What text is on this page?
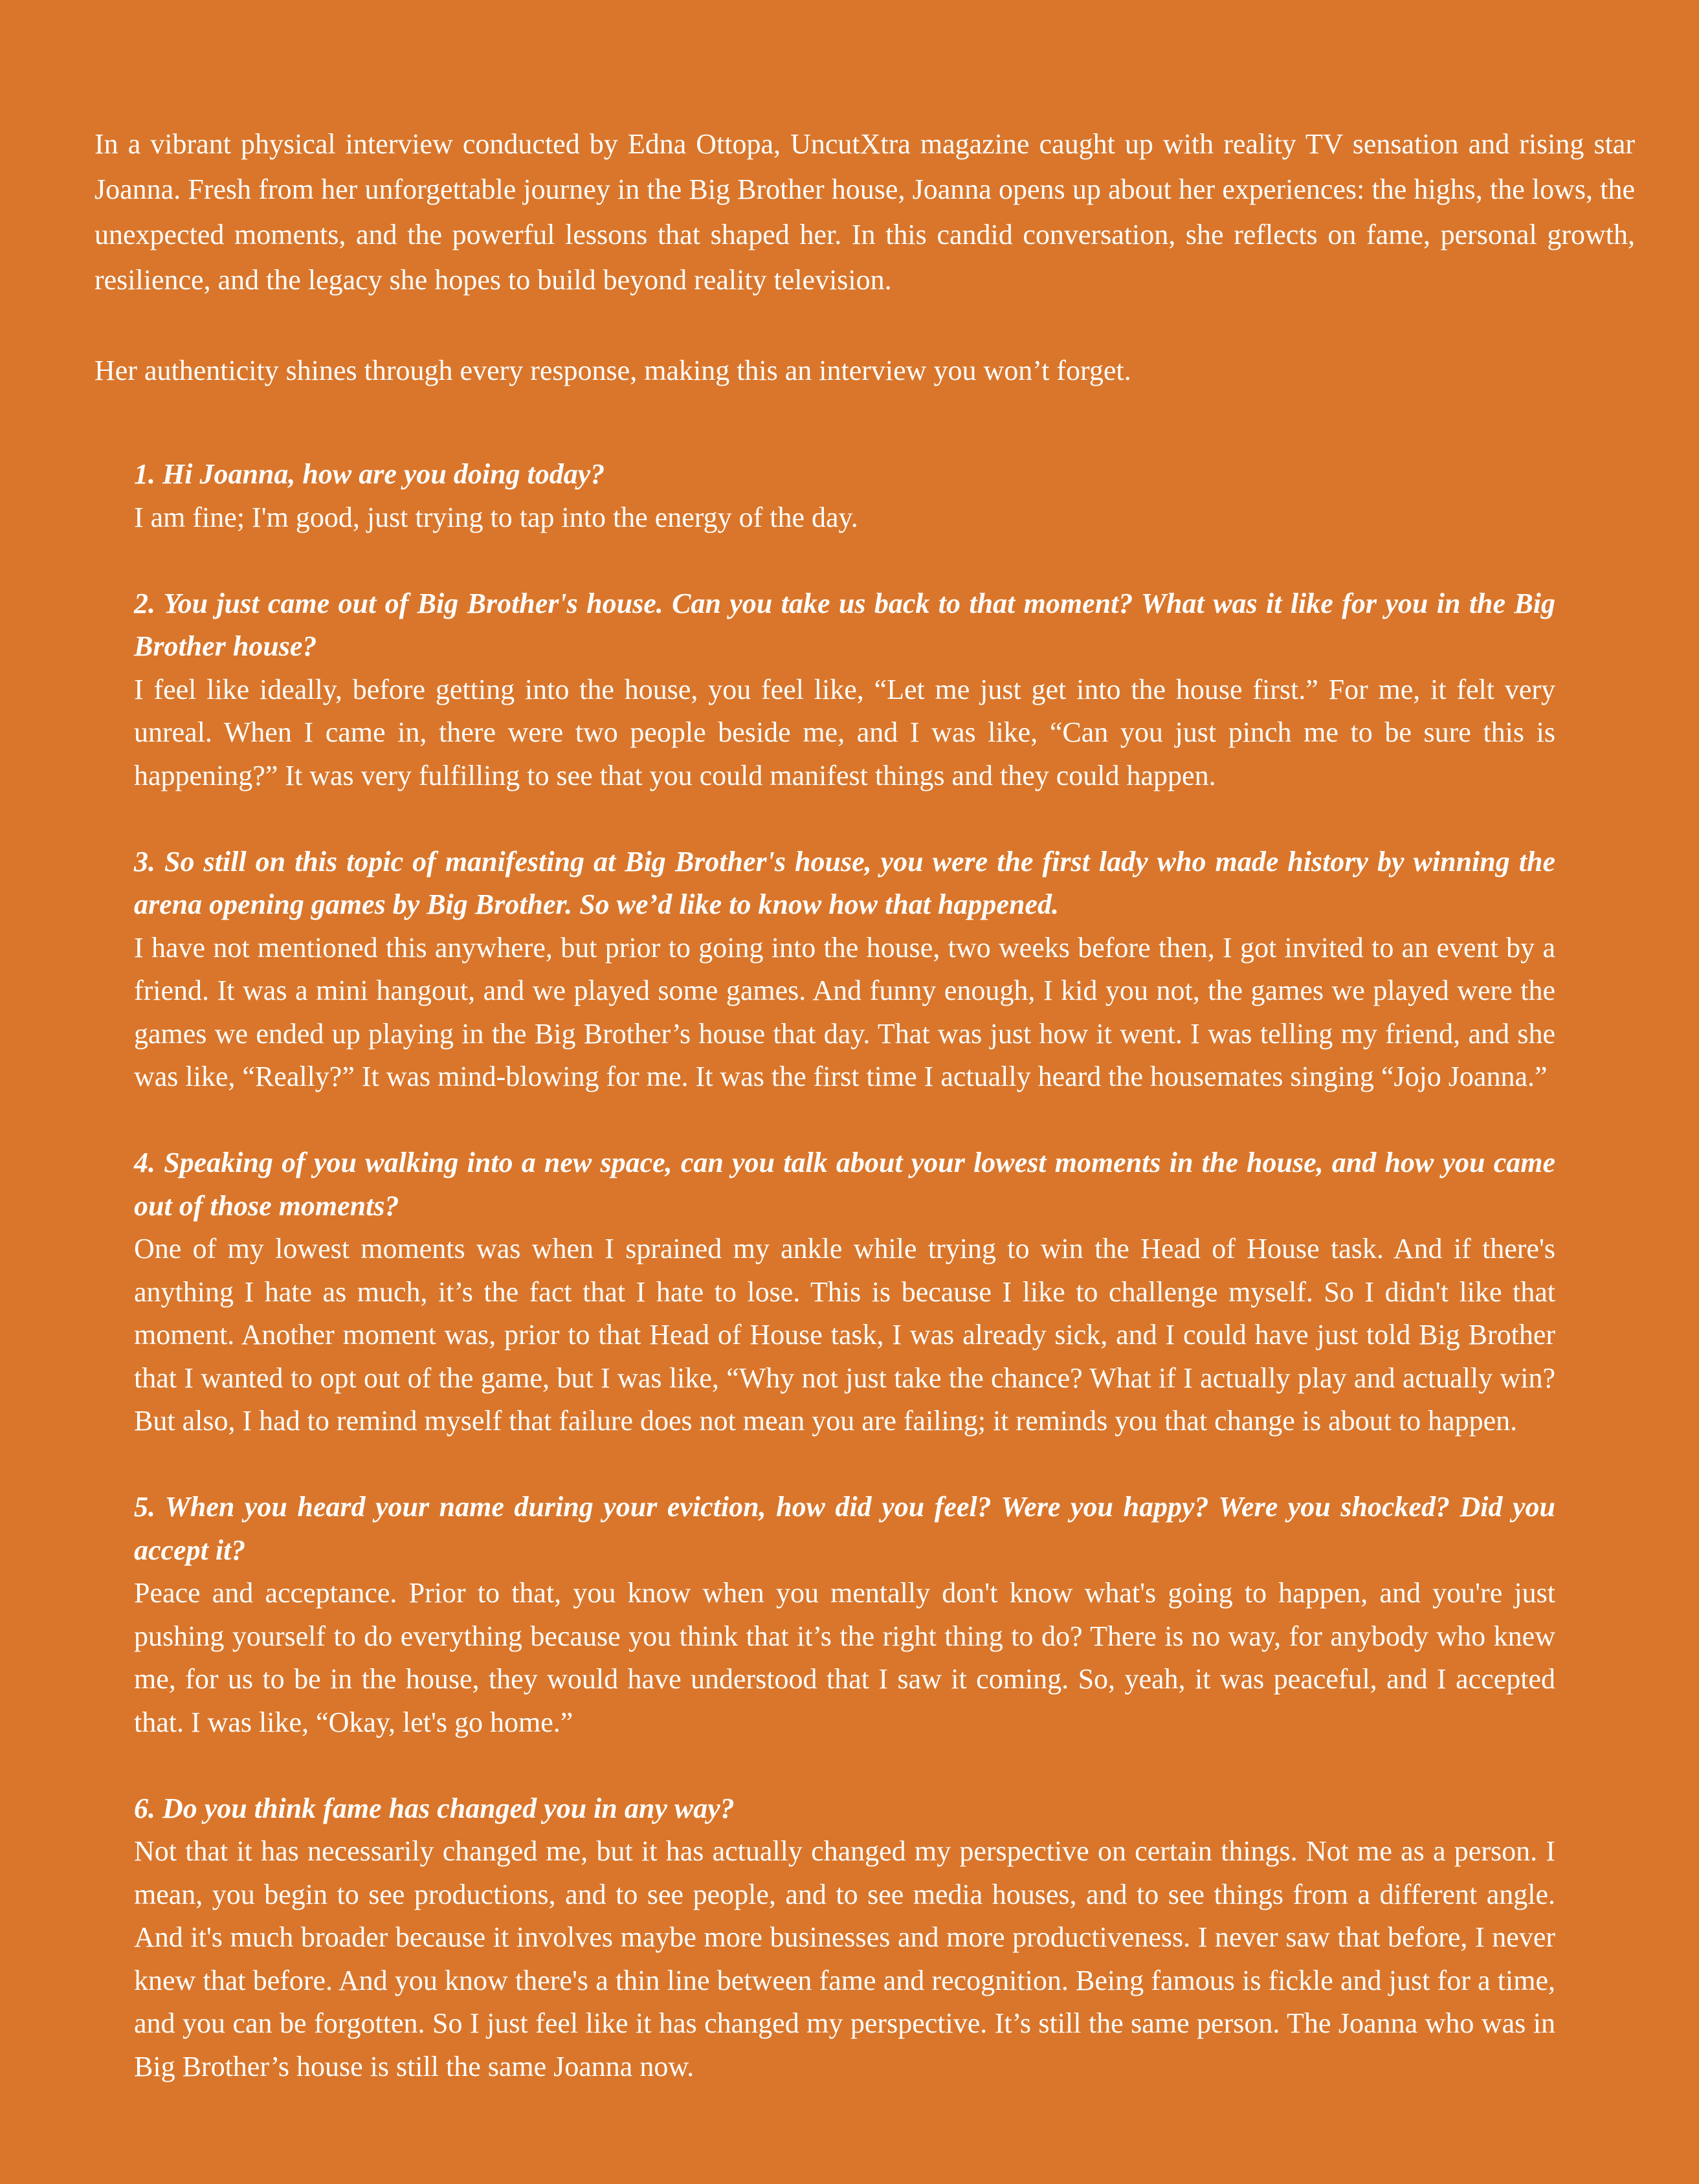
In a vibrant physical interview conducted by Edna Ottopa, UncutXtra magazine caught up with reality TV sensation and rising star Joanna. Fresh from her unforgettable journey in the Big Brother house, Joanna opens up about her experiences: the highs, the lows, the unexpected moments, and the powerful lessons that shaped her. In this candid conversation, she reflects on fame, personal growth, resilience, and the legacy she hopes to build beyond reality television.

Her authenticity shines through every response, making this an interview you won’t forget.

1. Hi Joanna, how are you doing today?

I am fine; I'm good, just trying to tap into the energy of the day.

2. You just came out of Big Brother's house. Can you take us back to that moment? What was it like for you in the Big Brother house?

I feel like ideally, before getting into the house, you feel like, “Let me just get into the house first.” For me, it felt very unreal. When I came in, there were two people beside me, and I was like, “Can you just pinch me to be sure this is happening?” It was very fulfilling to see that you could manifest things and they could happen.

3. So still on this topic of manifesting at Big Brother's house, you were the first lady who made history by winning the arena opening games by Big Brother. So we’d like to know how that happened.

I have not mentioned this anywhere, but prior to going into the house, two weeks before then, I got invited to an event by a friend. It was a mini hangout, and we played some games. And funny enough, I kid you not, the games we played were the games we ended up playing in the Big Brother’s house that day. That was just how it went. I was telling my friend, and she was like, “Really?” It was mind-blowing for me. It was the first time I actually heard the housemates singing “Jojo Joanna.”

4. Speaking of you walking into a new space, can you talk about your lowest moments in the house, and how you came out of those moments?

One of my lowest moments was when I sprained my ankle while trying to win the Head of House task. And if there's anything I hate as much, it’s the fact that I hate to lose. This is because I like to challenge myself. So I didn't like that moment. Another moment was, prior to that Head of House task, I was already sick, and I could have just told Big Brother that I wanted to opt out of the game, but I was like, “Why not just take the chance? What if I actually play and actually win? But also, I had to remind myself that failure does not mean you are failing; it reminds you that change is about to happen.

5. When you heard your name during your eviction, how did you feel? Were you happy? Were you shocked? Did you accept it?

Peace and acceptance. Prior to that, you know when you mentally don't know what's going to happen, and you're just pushing yourself to do everything because you think that it’s the right thing to do? There is no way, for anybody who knew me, for us to be in the house, they would have understood that I saw it coming. So, yeah, it was peaceful, and I accepted that. I was like, “Okay, let's go home.”

6. Do you think fame has changed you in any way?

Not that it has necessarily changed me, but it has actually changed my perspective on certain things. Not me as a person. I mean, you begin to see productions, and to see people, and to see media houses, and to see things from a different angle. And it's much broader because it involves maybe more businesses and more productiveness. I never saw that before, I never knew that before. And you know there's a thin line between fame and recognition. Being famous is fickle and just for a time, and you can be forgotten. So I just feel like it has changed my perspective. It’s still the same person. The Joanna who was in Big Brother’s house is still the same Joanna now.
